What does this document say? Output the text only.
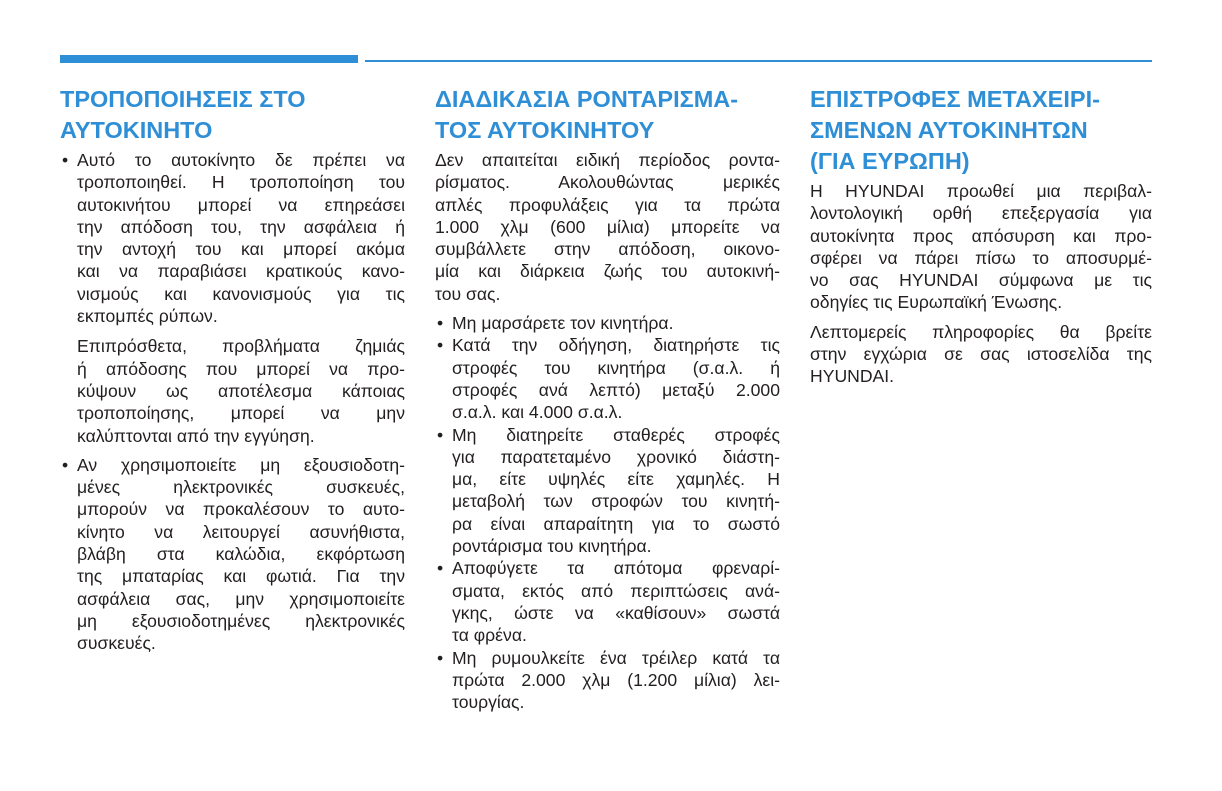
ΤΡΟΠΟΠΟΙΗΣΕΙΣ ΣΤΟ
ΑΥΤΟΚΙΝΗΤΟ
• Αυτό το αυτοκίνητο δε πρέπει να
τροποποιηθεί. Η τροποποίηση του
αυτοκινήτου μπορεί να επηρεάσει
την απόδοση του, την ασφάλεια ή
την αντοχή του και μπορεί ακόμα
και να παραβιάσει κρατικούς κανο-
νισμούς και κανονισμούς για τις
εκπομπές ρύπων.
Επιπρόσθετα, προβλήματα ζημιάς
ή απόδοσης που μπορεί να προ-
κύψουν ως αποτέλεσμα κάποιας
τροποποίησης, μπορεί να μην
καλύπτονται από την εγγύηση.
• Αν χρησιμοποιείτε μη εξουσιοδοτη-
μένες ηλεκτρονικές συσκευές,
μπορούν να προκαλέσουν το αυτο-
κίνητο να λειτουργεί ασυνήθιστα,
βλάβη στα καλώδια, εκφόρτωση
της μπαταρίας και φωτιά. Για την
ασφάλεια σας, μην χρησιμοποιείτε
μη εξουσιοδοτημένες ηλεκτρονικές
συσκευές.
ΔΙΑΔΙΚΑΣΙΑ ΡΟΝΤΑΡΙΣΜΑ-
ΤΟΣ ΑΥΤΟΚΙΝΗΤΟΥ
Δεν απαιτείται ειδική περίοδος ροντα-
ρίσματος. Ακολουθώντας μερικές
απλές προφυλάξεις για τα πρώτα
1.000 χλμ (600 μίλια) μπορείτε να
συμβάλλετε στην απόδοση, οικονο-
μία και διάρκεια ζωής του αυτοκινή-
του σας.
• Μη μαρσάρετε τον κινητήρα.
• Κατά την οδήγηση, διατηρήστε τις
στροφές του κινητήρα (σ.α.λ. ή
στροφές ανά λεπτό) μεταξύ 2.000
σ.α.λ. και 4.000 σ.α.λ.
• Μη διατηρείτε σταθερές στροφές
για παρατεταμένο χρονικό διάστη-
μα, είτε υψηλές είτε χαμηλές. Η
μεταβολή των στροφών του κινητή-
ρα είναι απαραίτητη για το σωστό
ροντάρισμα του κινητήρα.
• Αποφύγετε τα απότομα φρεναρί-
σματα, εκτός από περιπτώσεις ανά-
γκης, ώστε να «καθίσουν» σωστά
τα φρένα.
• Μη ρυμουλκείτε ένα τρέιλερ κατά τα
πρώτα 2.000 χλμ (1.200 μίλια) λει-
τουργίας.
ΕΠΙΣΤΡΟΦΕΣ ΜΕΤΑΧΕΙΡΙ-
ΣΜΕΝΩΝ ΑΥΤΟΚΙΝΗΤΩΝ
(ΓΙΑ ΕΥΡΩΠΗ)
Η HYUNDAI προωθεί μια περιβαλ-
λοντολογική ορθή επεξεργασία για
αυτοκίνητα προς απόσυρση και προ-
σφέρει να πάρει πίσω το αποσυρμέ-
νο σας HYUNDAI σύμφωνα με τις
οδηγίες τις Ευρωπαϊκή Ένωσης.
Λεπτομερείς πληροφορίες θα βρείτε
στην εγχώρια σε σας ιστοσελίδα της
HYUNDAI.
